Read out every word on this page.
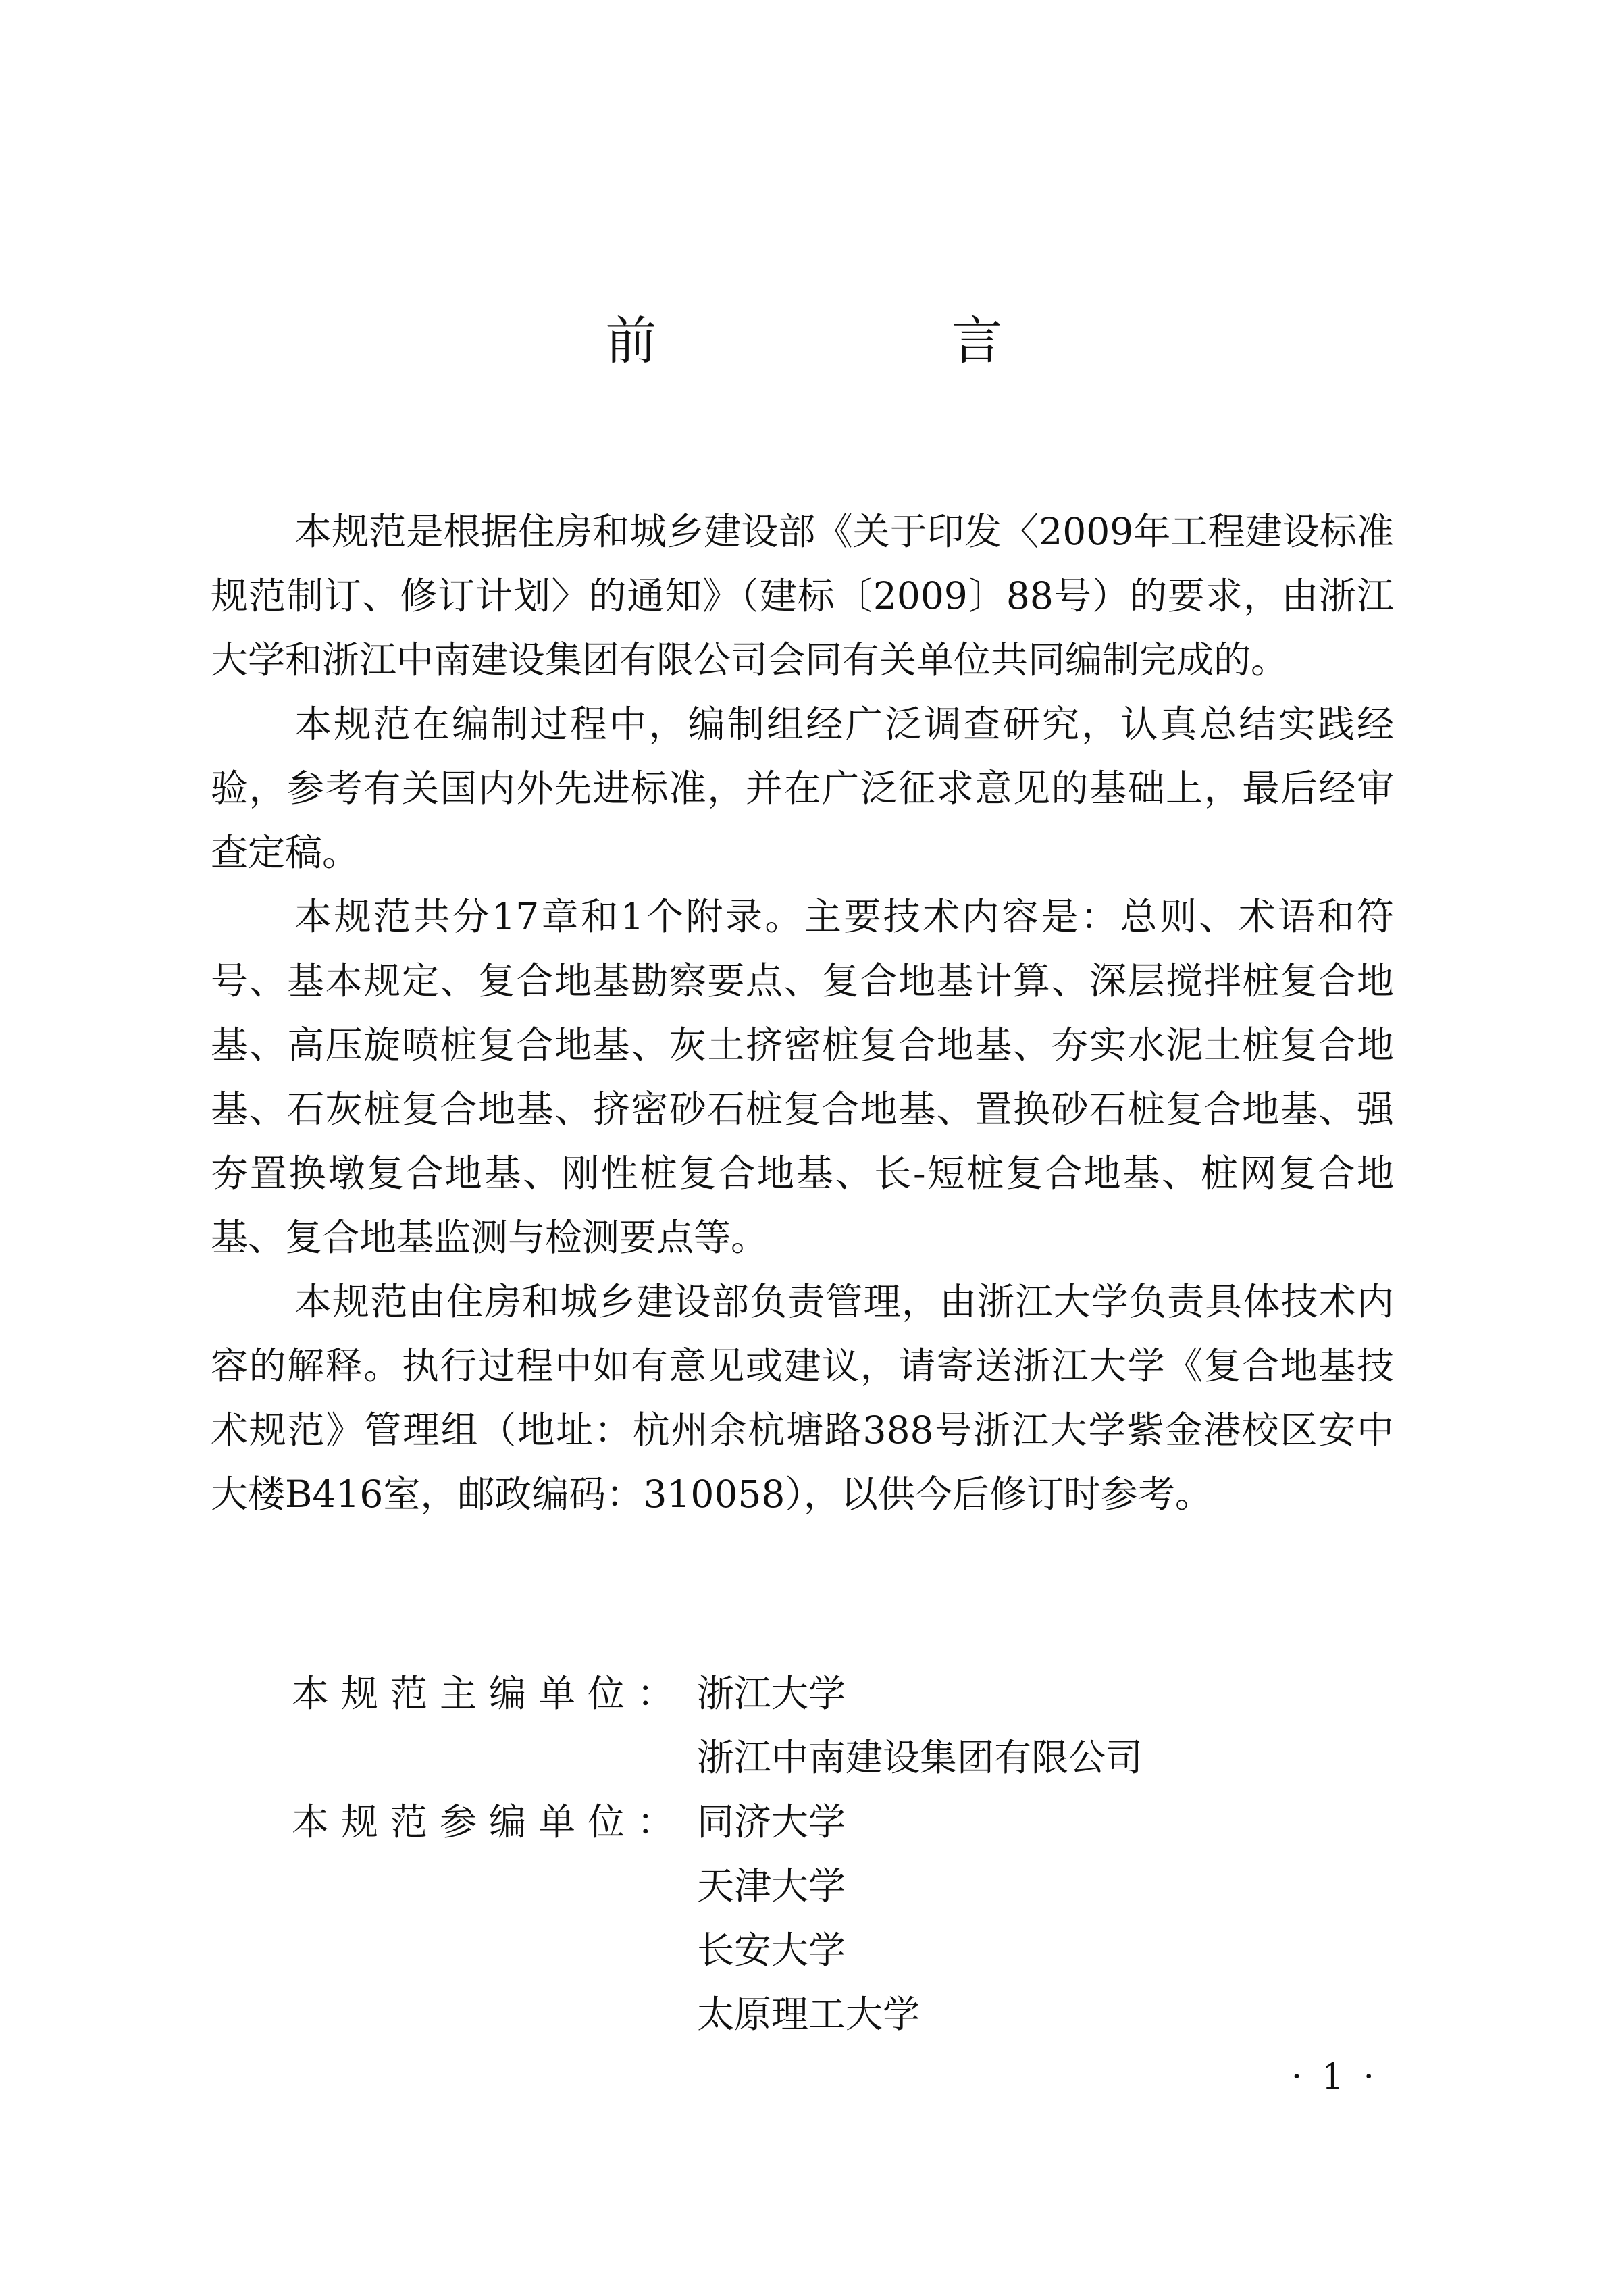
前　言

本规范是根据住房和城乡建设部《关于印发〈2009年工程建设标准规范制订、修订计划〉的通知》（建标〔2009〕88号）的要求，由浙江大学和浙江中南建设集团有限公司会同有关单位共同编制完成的。

本规范在编制过程中，编制组经广泛调查研究，认真总结实践经验，参考有关国内外先进标准，并在广泛征求意见的基础上，最后经审查定稿。

本规范共分17章和1个附录。主要技术内容是：总则、术语和符号、基本规定、复合地基勘察要点、复合地基计算、深层搅拌桩复合地基、高压旋喷桩复合地基、灰土挤密桩复合地基、夯实水泥土桩复合地基、石灰桩复合地基、挤密砂石桩复合地基、置换砂石桩复合地基、强夯置换墩复合地基、刚性桩复合地基、长-短桩复合地基、桩网复合地基、复合地基监测与检测要点等。

本规范由住房和城乡建设部负责管理，由浙江大学负责具体技术内容的解释。执行过程中如有意见或建议，请寄送浙江大学《复合地基技术规范》管理组（地址：杭州余杭塘路388号浙江大学紫金港校区安中大楼B416室，邮政编码：310058），以供今后修订时参考。

本规范主编单位： 浙江大学
浙江中南建设集团有限公司
本规范参编单位： 同济大学
天津大学
长安大学
太原理工大学
· 1 ·
